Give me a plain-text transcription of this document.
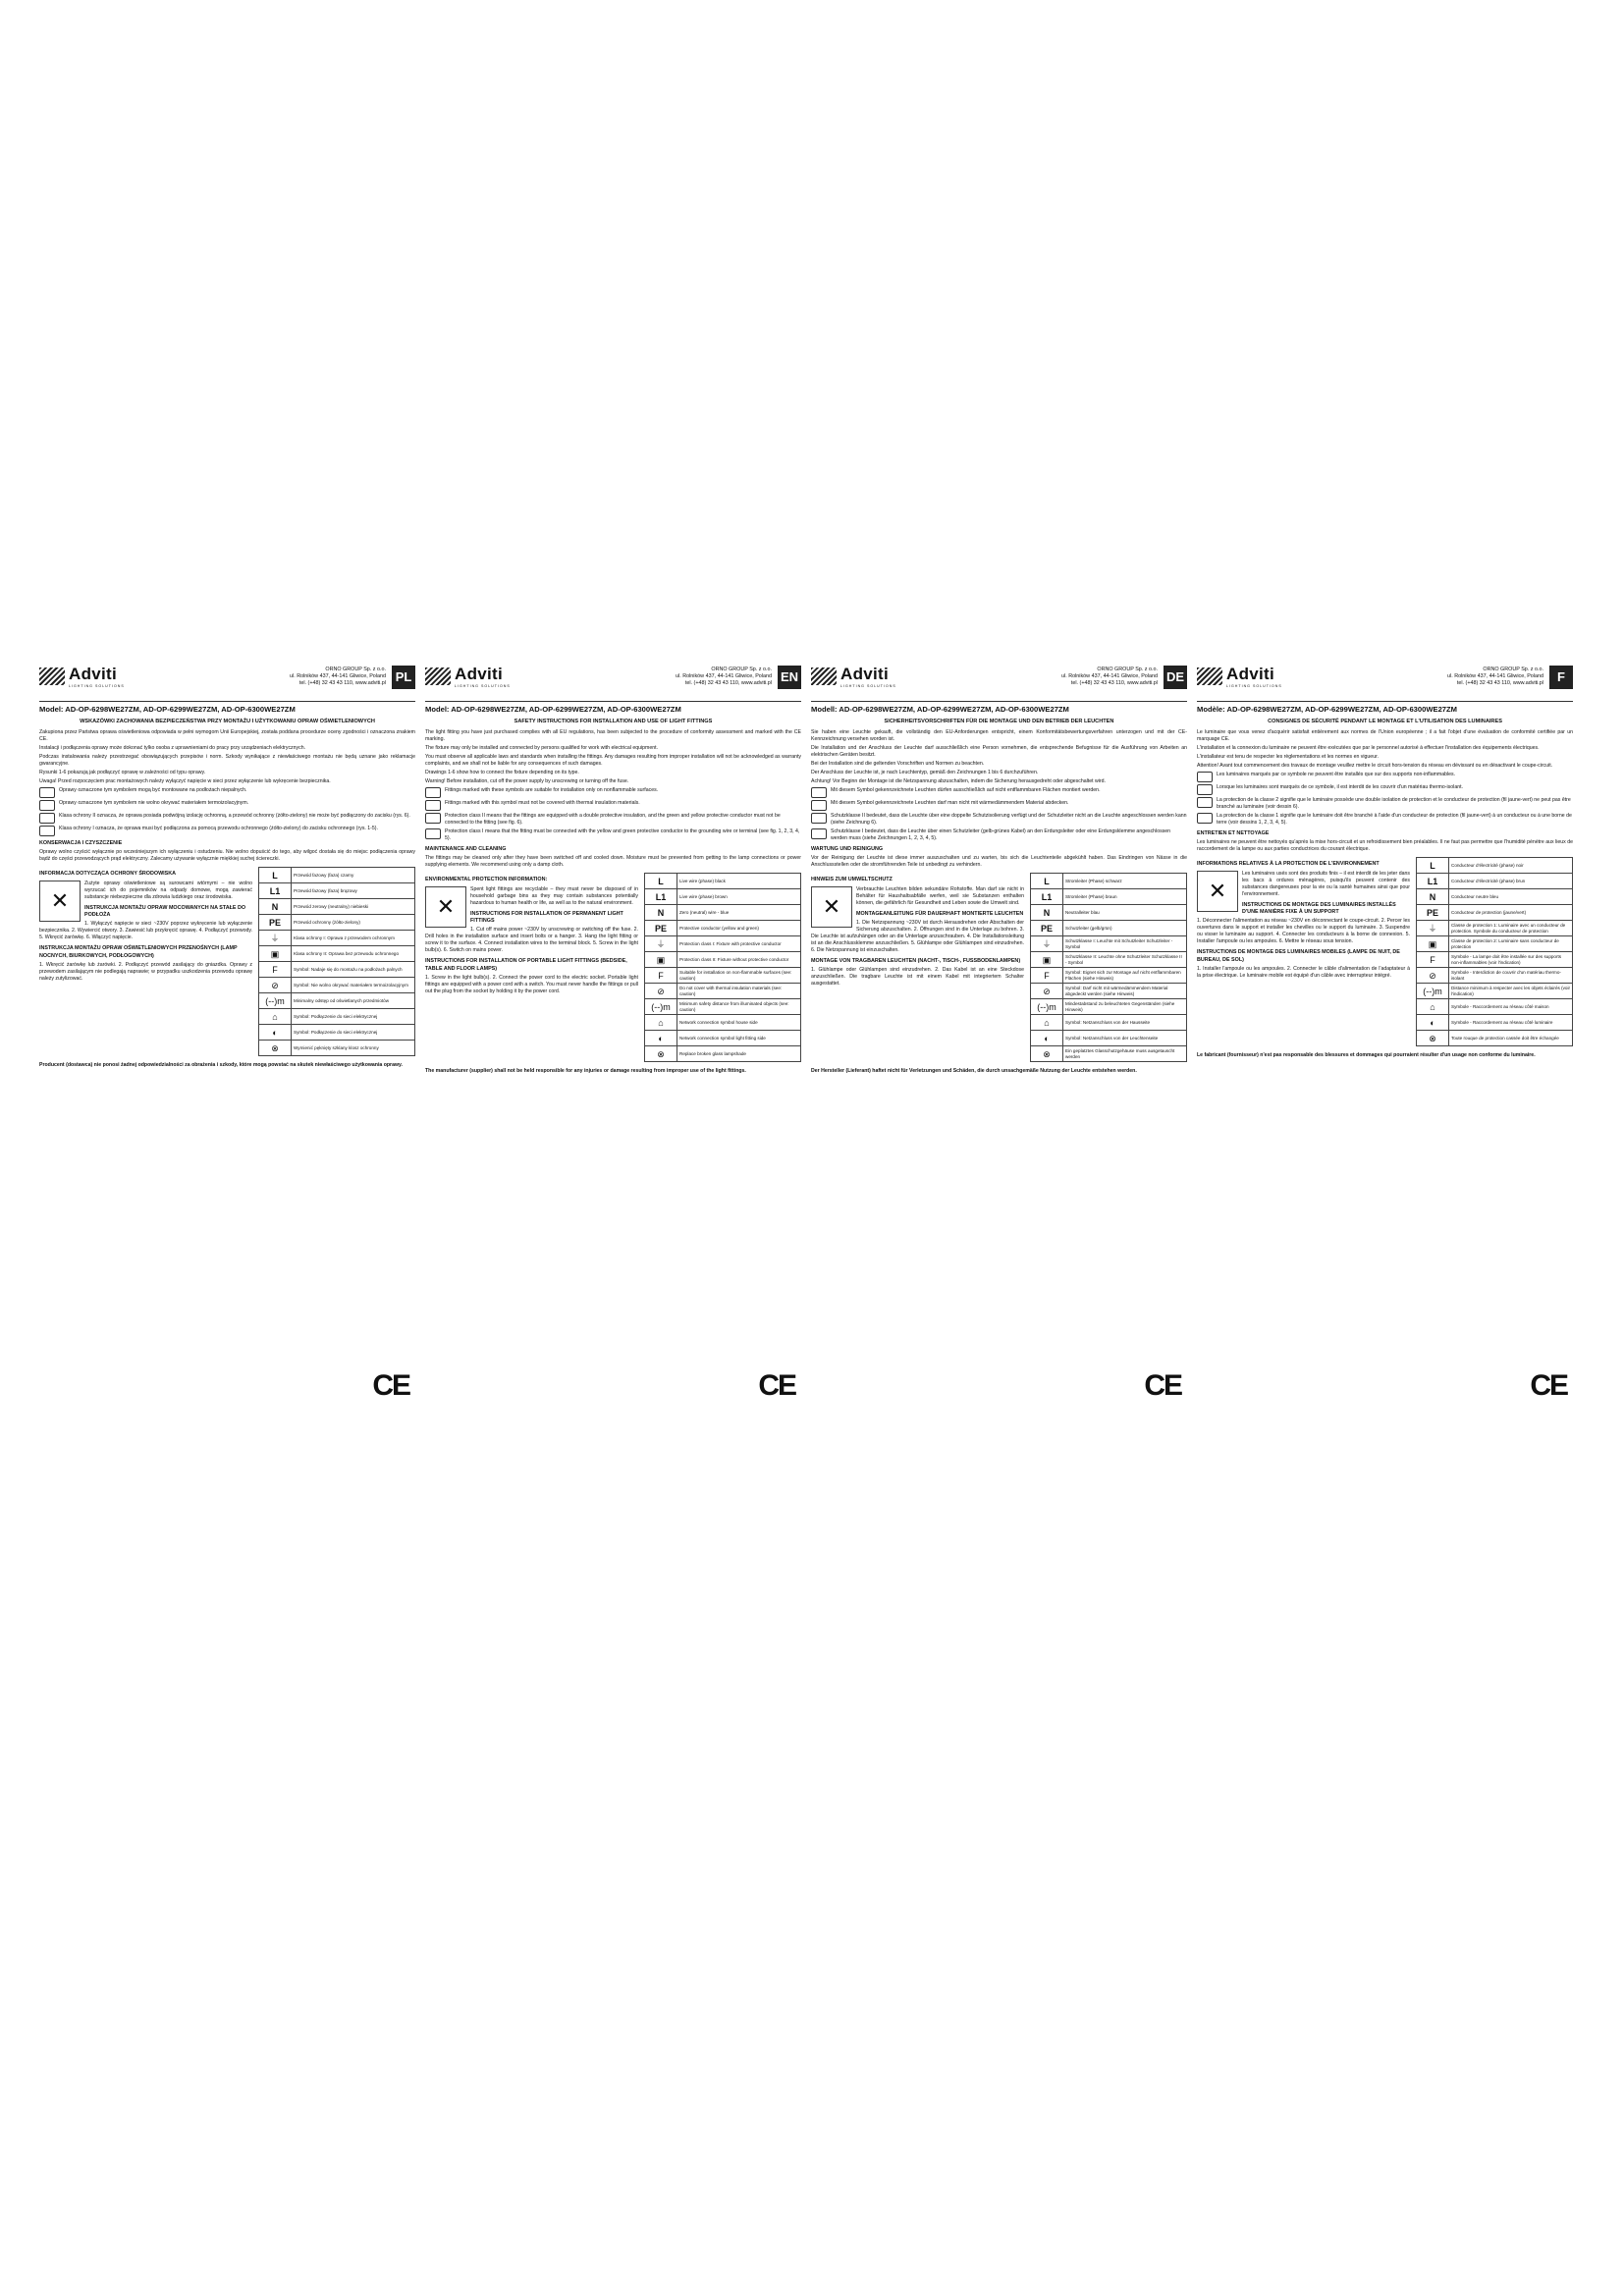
Adviti
LIGHTING SOLUTIONS
ORNO GROUP Sp. z o.o.
ul. Rolników 437, 44-141 Gliwice, Poland
tel. (+48) 32 43 43 110, www.adviti.pl PL
Model: AD-OP-6298WE27ZM, AD-OP-6299WE27ZM, AD-OP-6300WE27ZM
WSKAZÓWKI ZACHOWANIA BEZPIECZEŃSTWA PRZY MONTAŻU I UŻYTKOWANIU OPRAW OŚWIETLENIOWYCH

Zakupiona przez Państwa oprawa oświetleniowa odpowiada w pełni wymogom Unii Europejskiej, została poddana procedurze oceny zgodności i oznaczona znakiem CE.

Instalacji i podłączenia oprawy może dokonać tylko osoba z uprawnieniami do pracy przy urządzeniach elektrycznych.

Podczas instalowania należy przestrzegać obowiązujących przepisów i norm. Szkody wynikające z niewłaściwego montażu nie będą uznane jako reklamacje gwarancyjne.

Rysunki 1-6 pokazują jak podłączyć oprawę w zależności od typu oprawy.

Uwaga! Przed rozpoczęciem prac montażowych należy wyłączyć napięcie w sieci przez wyłączenie lub wykręcenie bezpiecznika.

Oprawy oznaczone tym symbolem mogą być montowane na podłożach niepalnych.
Oprawy oznaczone tym symbolem nie wolno okrywać materiałem termoizolacyjnym.
Klasa ochrony II oznacza, że oprawa posiada podwójną izolację ochronną, a przewód ochronny (żółto-zielony) nie może być podłączony do zacisku (rys. 6).
Klasa ochrony I oznacza, że oprawa musi być podłączona za pomocą przewodu ochronnego (żółto-zielony) do zacisku ochronnego (rys. 1-5).
KONSERWACJA I CZYSZCZENIE

Oprawy wolno czyścić wyłącznie po wcześniejszym ich wyłączeniu i ostudzeniu. Nie wolno dopuścić do tego, aby wilgoć dostała się do miejsc podłączenia oprawy bądź do części przewodzących prąd elektryczny. Zalecamy używanie wyłącznie miękkiej suchej ściereczki.

INFORMACJA DOTYCZĄCA OCHRONY ŚRODOWISKA
✕

Zużyte oprawy oświetleniowe są surowcami wtórnymi – nie wolno wyrzucać ich do pojemników na odpady domowe, mogą zawierać substancje niebezpieczne dla zdrowia ludzkiego oraz środowiska.

INSTRUKCJA MONTAŻU OPRAW MOCOWANYCH NA STAŁE DO PODŁOŻA

1. Wyłączyć napięcie w sieci ~230V poprzez wykręcenie lub wyłączenie bezpiecznika. 2. Wywiercić otwory. 3. Zawiesić lub przykręcić oprawę. 4. Podłączyć przewody. 5. Wkręcić żarówkę. 6. Włączyć napięcie.

INSTRUKCJA MONTAŻU OPRAW OŚWIETLENIOWYCH PRZENOŚNYCH (LAMP NOCNYCH, BIURKOWYCH, PODŁOGOWYCH)

1. Wkręcić żarówkę lub żarówki. 2. Podłączyć przewód zasilający do gniazdka. Oprawy z przewodem zasilającym nie podlegają naprawie; w przypadku uszkodzenia przewodu oprawę należy zutylizować.

L	Przewód fazowy (faza) czarny
L1	Przewód fazowy (faza) brązowy
N	Przewód zerowy (neutralny) niebieski
PE	Przewód ochronny (żółto-zielony)
⏚	Klasa ochrony I: Oprawa z przewodem ochronnym
▣	Klasa ochrony II: Oprawa bez przewodu ochronnego
F	Symbol: Nadaje się do montażu na podłożach palnych
⊘	Symbol: Nie wolno okrywać materiałem termoizolacyjnym
(--)m	Minimalny odstęp od oświetlanych przedmiotów
⌂	Symbol: Podłączenie do sieci elektrycznej
◐	Symbol: Podłączenie do sieci elektrycznej
⊗	Wymienić pęknięty szklany klosz ochronny
Producent (dostawca) nie ponosi żadnej odpowiedzialności za obrażenia i szkody, które mogą powstać na skutek niewłaściwego użytkowania oprawy.
CE
Adviti
LIGHTING SOLUTIONS
ORNO GROUP Sp. z o.o.
ul. Rolników 437, 44-141 Gliwice, Poland
tel. (+48) 32 43 43 110, www.adviti.pl EN
Model: AD-OP-6298WE27ZM, AD-OP-6299WE27ZM, AD-OP-6300WE27ZM
SAFETY INSTRUCTIONS FOR INSTALLATION AND USE OF LIGHT FITTINGS

The light fitting you have just purchased complies with all EU regulations, has been subjected to the procedure of conformity assessment and marked with the CE marking.

The fixture may only be installed and connected by persons qualified for work with electrical equipment.

You must observe all applicable laws and standards when installing the fittings. Any damages resulting from improper installation will not be acknowledged as warranty complaints, and we shall not be liable for any consequences of such damages.

Drawings 1-6 show how to connect the fixture depending on its type.

Warning! Before installation, cut off the power supply by unscrewing or turning off the fuse.

Fittings marked with these symbols are suitable for installation only on nonflammable surfaces.
Fittings marked with this symbol must not be covered with thermal insulation materials.
Protection class II means that the fittings are equipped with a double protective insulation, and the green and yellow protective conductor must not be connected to the fitting (see fig. 6).
Protection class I means that the fitting must be connected with the yellow and green protective conductor to the grounding wire or terminal (see fig. 1, 2, 3, 4, 5).
MAINTENANCE AND CLEANING

The fittings may be cleaned only after they have been switched off and cooled down. Moisture must be prevented from getting to the lamp connections or power supplying elements. We recommend using only a damp cloth.

ENVIRONMENTAL PROTECTION INFORMATION:
✕

Spent light fittings are recyclable – they must never be disposed of in household garbage bins as they may contain substances potentially hazardous to human health or life, as well as to the natural environment.

INSTRUCTIONS FOR INSTALLATION OF PERMANENT LIGHT FITTINGS

1. Cut off mains power ~230V by unscrewing or switching off the fuse. 2. Drill holes in the installation surface and insert bolts or a hanger. 3. Hang the light fitting or screw it to the surface. 4. Connect installation wires to the terminal block. 5. Screw in the light bulb(s). 6. Switch on mains power.

INSTRUCTIONS FOR INSTALLATION OF PORTABLE LIGHT FITTINGS (BEDSIDE, TABLE AND FLOOR LAMPS)

1. Screw in the light bulb(s). 2. Connect the power cord to the electric socket. Portable light fittings are equipped with a power cord with a switch. You must never handle the fittings or pull out the plug from the socket by holding it by the power cord.

L	Live wire (phase) black
L1	Live wire (phase) brown
N	Zero (neutral) wire - blue
PE	Protective conductor (yellow and green)
⏚	Protection class I: Fixture with protective conductor
▣	Protection class II: Fixture without protective conductor
F	Suitable for installation on non-flammable surfaces (see: caution)
⊘	Do not cover with thermal insulation materials (see: caution)
(--)m	Minimum safety distance from illuminated objects (see: caution)
⌂	Network connection symbol house side
◐	Network connection symbol light fitting side
⊗	Replace broken glass lampshade
The manufacturer (supplier) shall not be held responsible for any injuries or damage resulting from improper use of the light fittings.
CE
Adviti
LIGHTING SOLUTIONS
ORNO GROUP Sp. z o.o.
ul. Rolników 437, 44-141 Gliwice, Poland
tel. (+48) 32 43 43 110, www.adviti.pl DE
Modell: AD-OP-6298WE27ZM, AD-OP-6299WE27ZM, AD-OP-6300WE27ZM
SICHERHEITSVORSCHRIFTEN FÜR DIE MONTAGE UND DEN BETRIEB DER LEUCHTEN

Sie haben eine Leuchte gekauft, die vollständig den EU-Anforderungen entspricht, einem Konformitätsbewertungsverfahren unterzogen und mit der CE-Kennzeichnung versehen worden ist.

Die Installation und der Anschluss der Leuchte darf ausschließlich eine Person vornehmen, die entsprechende Befugnisse für die Ausführung von Arbeiten an elektrischen Geräten besitzt.

Bei der Installation sind die geltenden Vorschriften und Normen zu beachten.

Der Anschluss der Leuchte ist, je nach Leuchtentyp, gemäß den Zeichnungen 1 bis 6 durchzuführen.

Achtung! Vor Beginn der Montage ist die Netzspannung abzuschalten, indem die Sicherung herausgedreht oder abgeschaltet wird.

Mit diesem Symbol gekennzeichnete Leuchten dürfen ausschließlich auf nicht entflammbaren Flächen montiert werden.
Mit diesem Symbol gekennzeichnete Leuchten darf man nicht mit wärmedämmendem Material abdecken.
Schutzklasse II bedeutet, dass die Leuchte über eine doppelte Schutzisolierung verfügt und der Schutzleiter nicht an die Leuchte angeschlossen werden kann (siehe Zeichnung 6).
Schutzklasse I bedeutet, dass die Leuchte über einen Schutzleiter (gelb-grünes Kabel) an den Erdungsleiter oder eine Erdungsklemme angeschlossen werden muss (siehe Zeichnungen 1, 2, 3, 4, 5).
WARTUNG UND REINIGUNG

Vor der Reinigung der Leuchte ist diese immer auszuschalten und zu warten, bis sich die Leuchtenteile abgekühlt haben. Das Eindringen von Nässe in die Anschlussstellen oder die stromführenden Teile ist unbedingt zu verhindern.

HINWEIS ZUM UMWELTSCHUTZ
✕

Verbrauchte Leuchten bilden sekundäre Rohstoffe. Man darf sie nicht in Behälter für Haushaltsabfälle werfen, weil sie Substanzen enthalten können, die gefährlich für Gesundheit und Leben sowie die Umwelt sind.

MONTAGEANLEITUNG FÜR DAUERHAFT MONTIERTE LEUCHTEN

1. Die Netzspannung ~230V ist durch Herausdrehen oder Abschalten der Sicherung abzuschalten. 2. Öffnungen sind in die Unterlage zu bohren. 3. Die Leuchte ist aufzuhängen oder an die Unterlage anzuschrauben. 4. Die Installationsleitung ist an die Anschlussklemme anzuschließen. 5. Glühlampe oder Glühlampen sind einzudrehen. 6. Die Netzspannung ist einzuschalten.

MONTAGE VON TRAGBAREN LEUCHTEN (NACHT-, TISCH-, FUSSBODENLAMPEN)

1. Glühlampe oder Glühlampen sind einzudrehen. 2. Das Kabel ist an eine Steckdose anzuschließen. Die tragbare Leuchte ist mit einem Kabel mit integriertem Schalter ausgestattet.

L	Stromleiter (Phase) schwarz
L1	Stromleiter (Phase) braun
N	Neutralleiter blau
PE	Schutzleiter (gelb/grün)
⏚	Schutzklasse I: Leuchte mit Schutzleiter Schutzleiter - Symbol
▣	Schutzklasse II: Leuchte ohne Schutzleiter Schutzklasse II - Symbol
F	Symbol: Eignet sich zur Montage auf nicht entflammbaren Flächen (siehe Hinweis)
⊘	Symbol: Darf nicht mit wärmedämmendem Material abgedeckt werden (siehe Hinweis)
(--)m	Mindestabstand zu beleuchteten Gegenständen (siehe Hinweis)
⌂	Symbol: Netzanschluss von der Hausseite
◐	Symbol: Netzanschluss von der Leuchtenseite
⊗	Ein geplatztes Glasschutzgehäuse muss ausgetauscht werden
Der Hersteller (Lieferant) haftet nicht für Verletzungen und Schäden, die durch unsachgemäße Nutzung der Leuchte entstehen werden.
CE
Adviti
LIGHTING SOLUTIONS
ORNO GROUP Sp. z o.o.
ul. Rolników 437, 44-141 Gliwice, Poland
tel. (+48) 32 43 43 110, www.adviti.pl	F
Modèle: AD-OP-6298WE27ZM, AD-OP-6299WE27ZM, AD-OP-6300WE27ZM
CONSIGNES DE SÉCURITÉ PENDANT LE MONTAGE ET L'UTILISATION DES LUMINAIRES

Le luminaire que vous venez d'acquérir satisfait entièrement aux normes de l'Union européenne ; il a fait l'objet d'une évaluation de conformité certifiée par un marquage CE.

L'installation et la connexion du luminaire ne peuvent être exécutées que par le personnel autorisé à effectuer l'installation des équipements électriques.

L'installateur est tenu de respecter les règlementations et les normes en vigueur.

Attention! Avant tout commencement des travaux de montage veuillez mettre le circuit hors-tension du réseau en dévissant ou en désactivant le coupe-circuit.

Les luminaires marqués par ce symbole ne peuvent être installés que sur des supports non-inflammables.
Lorsque les luminaires sont marqués de ce symbole, il est interdit de les couvrir d'un matériau thermo-isolant.
La protection de la classe 2 signifie que le luminaire possède une double isolation de protection et le conducteur de protection (fil jaune-vert) ne peut pas être branché au luminaire (voir dessin 6).
La protection de la classe 1 signifie que le luminaire doit être branché à l'aide d'un conducteur de protection (fil jaune-vert) à un conducteur ou à une borne de terre (voir dessins 1, 2, 3, 4, 5).
ENTRETIEN ET NETTOYAGE

Les luminaires ne peuvent être nettoyés qu'après la mise hors-circuit et un refroidissement bien préalables. Il ne faut pas permettre que l'humidité pénètre aux lieux de raccordement de la lampe ou aux parties conductrices du courant électrique.

INFORMATIONS RELATIVES À LA PROTECTION DE L'ENVIRONNEMENT
✕

Les luminaires usés sont des produits finis – il est interdit de les jeter dans les bacs à ordures ménagères, puisqu'ils peuvent contenir des substances dangereuses pour la vie ou la santé humaines ainsi que pour l'environnement.

INSTRUCTIONS DE MONTAGE DES LUMINAIRES INSTALLÉS D'UNE MANIÈRE FIXE À UN SUPPORT

1. Déconnecter l'alimentation au réseau ~230V en déconnectant le coupe-circuit. 2. Percer les ouvertures dans le support et installer les chevilles ou le support du luminaire. 3. Suspendre ou visser le luminaire au support. 4. Connecter les conducteurs à la borne de connexion. 5. Installer l'ampoule ou les ampoules. 6. Mettre le réseau sous tension.

INSTRUCTIONS DE MONTAGE DES LUMINAIRES MOBILES (LAMPE DE NUIT, DE BUREAU, DE SOL)

1. Installer l'ampoule ou les ampoules. 2. Connecter le câble d'alimentation de l'adaptateur à la prise électrique. Le luminaire mobile est équipé d'un câble avec interrupteur intégré.

L	Conducteur d'électricité (phase) noir
L1	Conducteur d'électricité (phase) brun
N	Conducteur neutre bleu
PE	Conducteur de protection (jaune/vert)
⏚	Classe de protection 1: Luminaire avec un conducteur de protection. Symbole du conducteur de protection
▣	Classe de protection 2: Luminaire sans conducteur de protection
F	Symbole - La lampe doit être installée sur des supports non-inflammables (voir l'indication)
⊘	Symbole - Interdiction de couvrir d'un matériau thermo-isolant
(--)m	Distance minimum à respecter avec les objets éclairés (voir l'indication)
⌂	Symbole - Raccordement au réseau côté maison
◐	Symbole - Raccordement au réseau côté luminaire
⊗	Toute rouque de protection cassée doit être échangée
Le fabricant (fournisseur) n'est pas responsable des blessures et dommages qui pourraient résulter d'un usage non conforme du luminaire.
CE
